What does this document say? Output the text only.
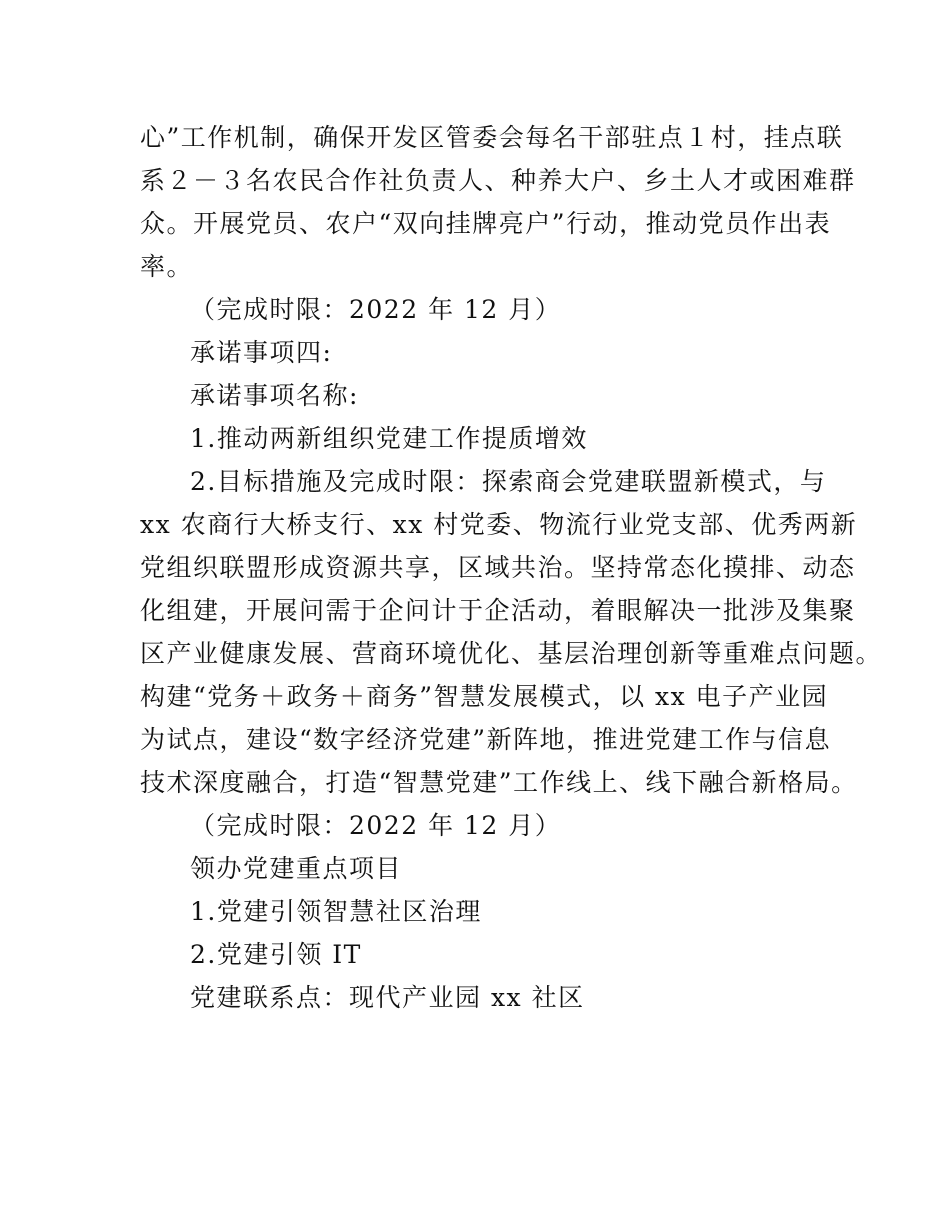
心”工作机制，确保开发区管委会每名干部驻点１村，挂点联
系２－３名农民合作社负责人、种养大户、乡土人才或困难群
众。开展党员、农户“双向挂牌亮户”行动，推动党员作出表
率。
（完成时限：2022 年 12 月）
承诺事项四:
承诺事项名称:
1.推动两新组织党建工作提质增效
2.目标措施及完成时限：探索商会党建联盟新模式，与
xx 农商行大桥支行、xx 村党委、物流行业党支部、优秀两新
党组织联盟形成资源共享，区域共治。坚持常态化摸排、动态
化组建，开展问需于企问计于企活动，着眼解决一批涉及集聚
区产业健康发展、营商环境优化、基层治理创新等重难点问题。
构建“党务＋政务＋商务”智慧发展模式，以 xx 电子产业园
为试点，建设“数字经济党建”新阵地，推进党建工作与信息
技术深度融合，打造“智慧党建”工作线上、线下融合新格局。
（完成时限：2022 年 12 月）
领办党建重点项目
1.党建引领智慧社区治理
2.党建引领 IT
党建联系点：现代产业园 xx 社区
